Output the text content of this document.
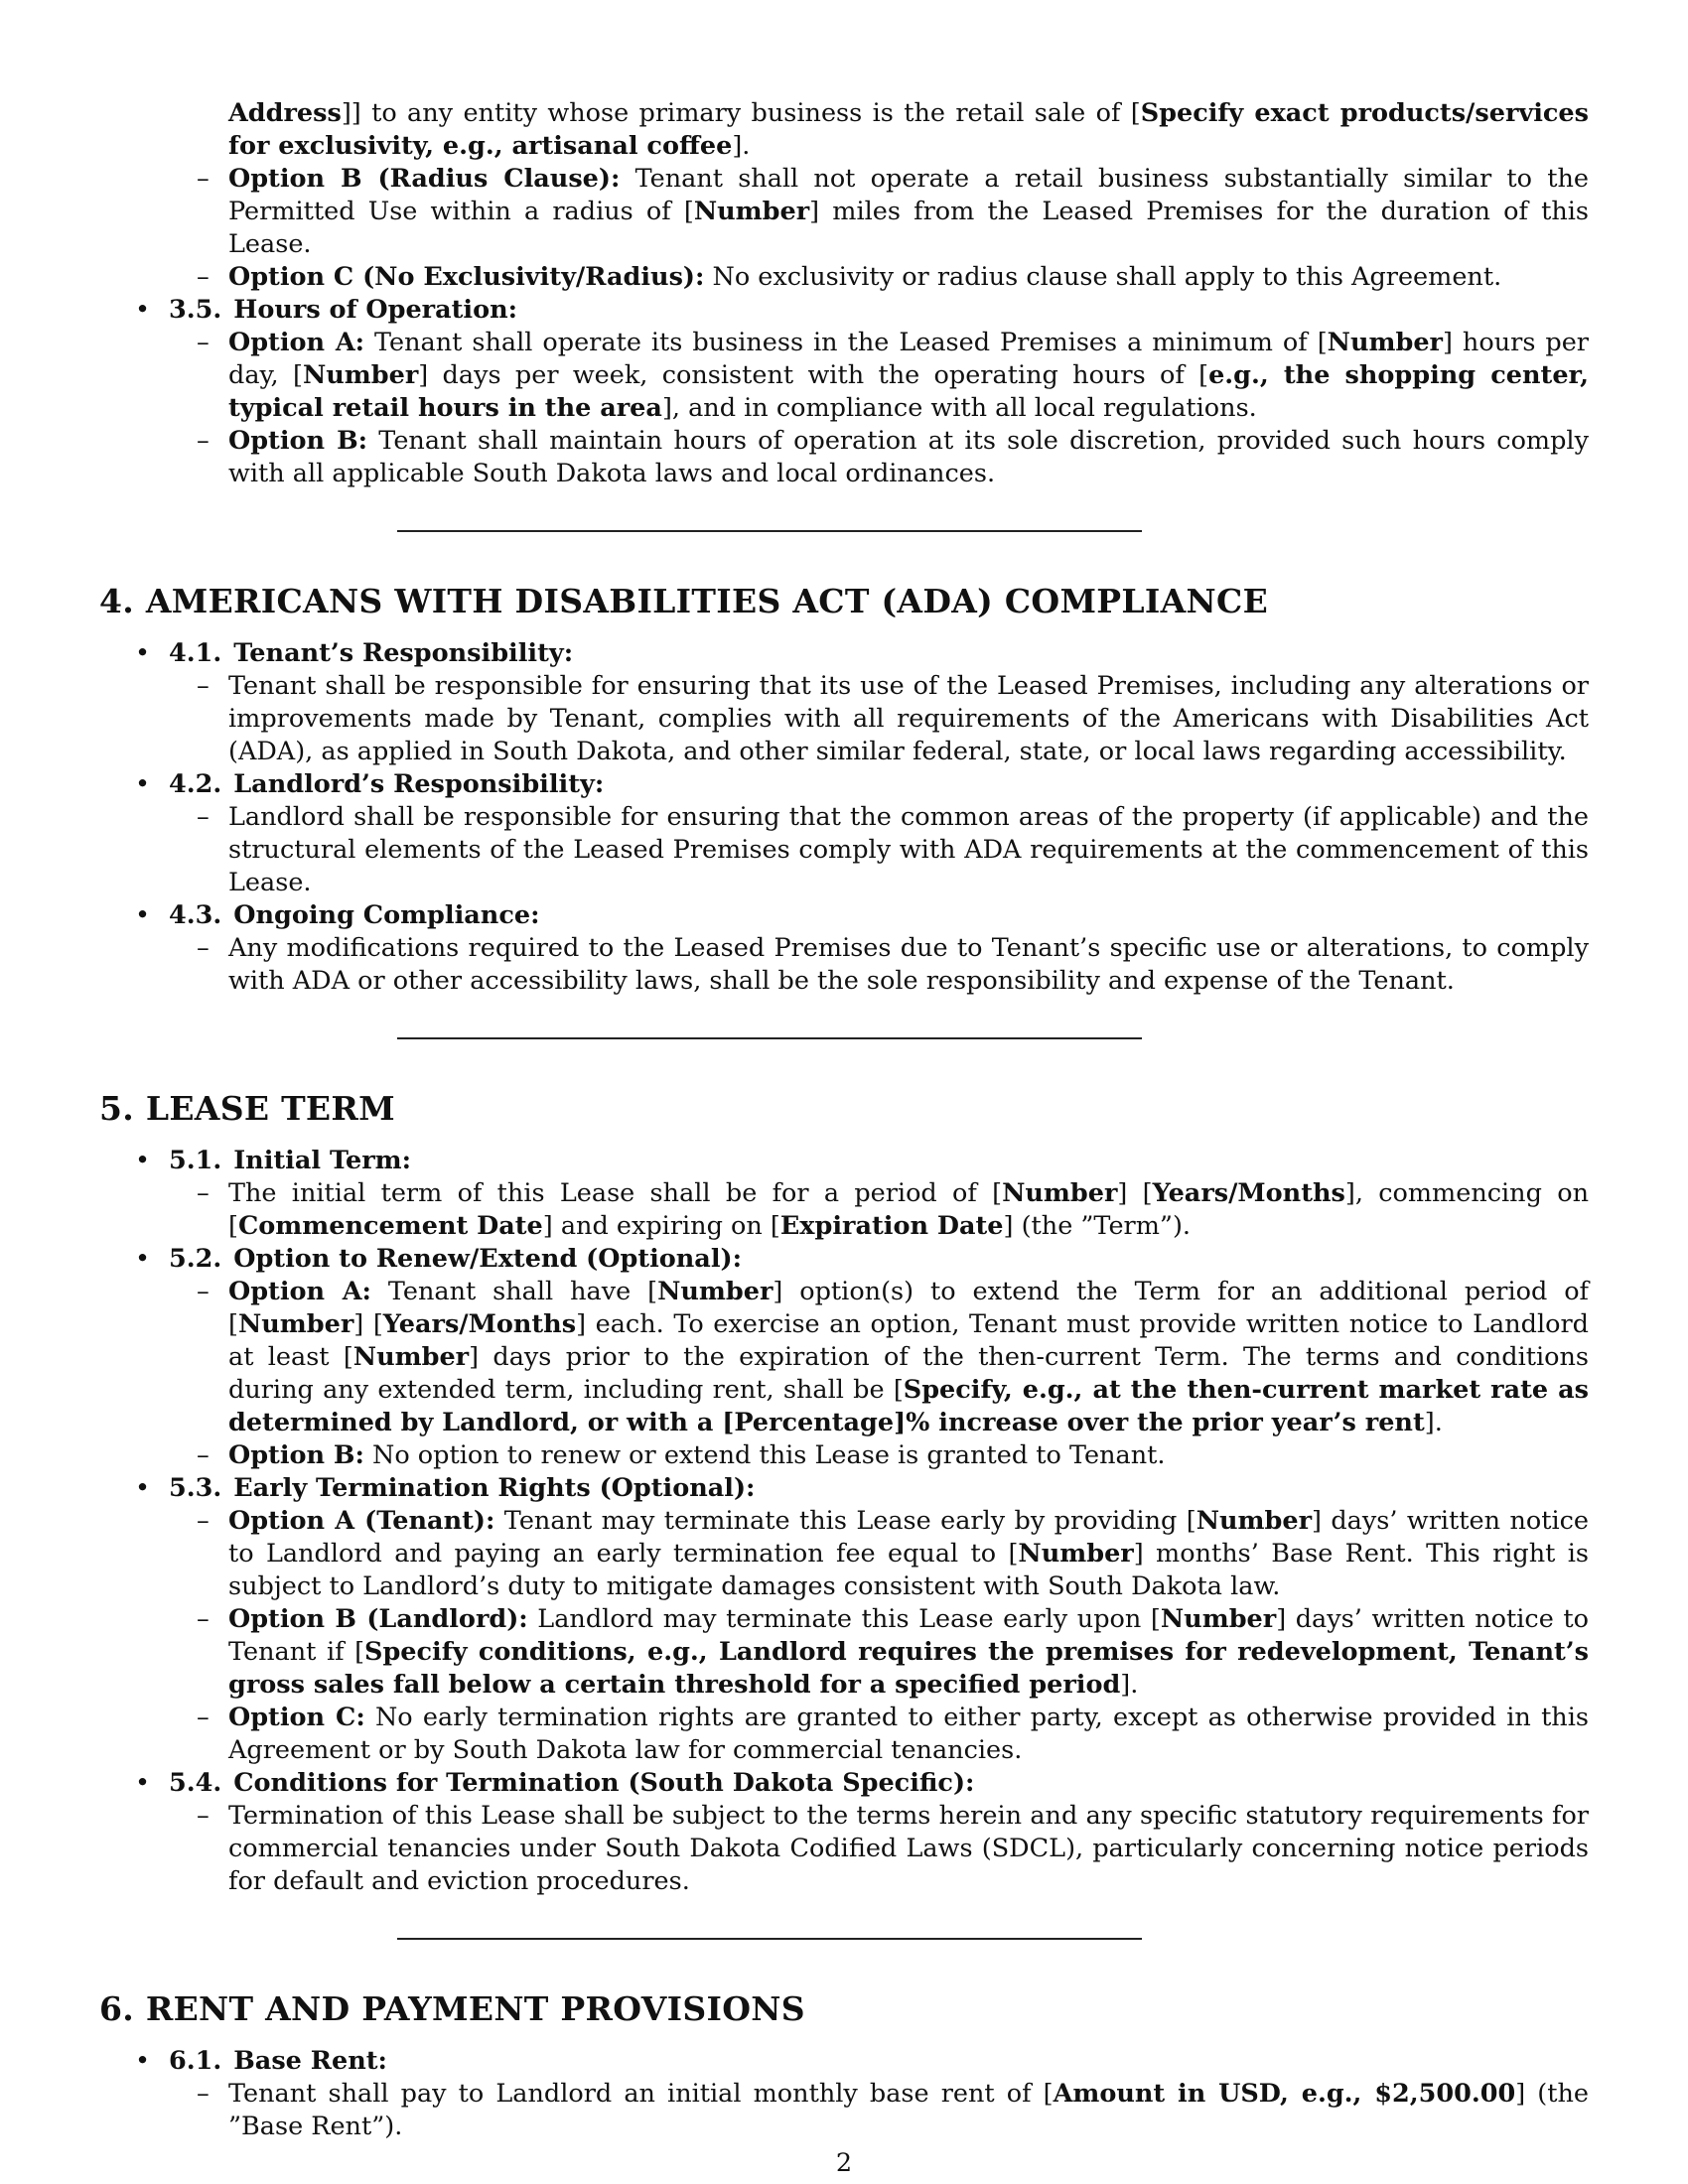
Address]] to any entity whose primary business is the retail sale of [Specify exact products/services for exclusivity, e.g., artisanal coffee].
– Option B (Radius Clause): Tenant shall not operate a retail business substantially similar to the Permitted Use within a radius of [Number] miles from the Leased Premises for the duration of this Lease.
– Option C (No Exclusivity/Radius): No exclusivity or radius clause shall apply to this Agreement.
• 3.5. Hours of Operation:
– Option A: Tenant shall operate its business in the Leased Premises a minimum of [Number] hours per day, [Number] days per week, consistent with the operating hours of [e.g., the shopping center, typical retail hours in the area], and in compliance with all local regulations.
– Option B: Tenant shall maintain hours of operation at its sole discretion, provided such hours comply with all applicable South Dakota laws and local ordinances.
4. AMERICANS WITH DISABILITIES ACT (ADA) COMPLIANCE
• 4.1. Tenant’s Responsibility:
– Tenant shall be responsible for ensuring that its use of the Leased Premises, including any alterations or improvements made by Tenant, complies with all requirements of the Americans with Disabilities Act (ADA), as applied in South Dakota, and other similar federal, state, or local laws regarding accessibility.
• 4.2. Landlord’s Responsibility:
– Landlord shall be responsible for ensuring that the common areas of the property (if applicable) and the structural elements of the Leased Premises comply with ADA requirements at the commencement of this Lease.
• 4.3. Ongoing Compliance:
– Any modifications required to the Leased Premises due to Tenant’s specific use or alterations, to comply with ADA or other accessibility laws, shall be the sole responsibility and expense of the Tenant.
5. LEASE TERM
• 5.1. Initial Term:
– The initial term of this Lease shall be for a period of [Number] [Years/Months], commencing on [Commencement Date] and expiring on [Expiration Date] (the ”Term”).
• 5.2. Option to Renew/Extend (Optional):
– Option A: Tenant shall have [Number] option(s) to extend the Term for an additional period of [Number] [Years/Months] each. To exercise an option, Tenant must provide written notice to Landlord at least [Number] days prior to the expiration of the then-current Term. The terms and conditions during any extended term, including rent, shall be [Specify, e.g., at the then-current market rate as determined by Landlord, or with a [Percentage]% increase over the prior year’s rent].
– Option B: No option to renew or extend this Lease is granted to Tenant.
• 5.3. Early Termination Rights (Optional):
– Option A (Tenant): Tenant may terminate this Lease early by providing [Number] days’ written notice to Landlord and paying an early termination fee equal to [Number] months’ Base Rent. This right is subject to Landlord’s duty to mitigate damages consistent with South Dakota law.
– Option B (Landlord): Landlord may terminate this Lease early upon [Number] days’ written notice to Tenant if [Specify conditions, e.g., Landlord requires the premises for redevelopment, Tenant’s gross sales fall below a certain threshold for a specified period].
– Option C: No early termination rights are granted to either party, except as otherwise provided in this Agreement or by South Dakota law for commercial tenancies.
• 5.4. Conditions for Termination (South Dakota Specific):
– Termination of this Lease shall be subject to the terms herein and any specific statutory requirements for commercial tenancies under South Dakota Codified Laws (SDCL), particularly concerning notice periods for default and eviction procedures.
6. RENT AND PAYMENT PROVISIONS
• 6.1. Base Rent:
– Tenant shall pay to Landlord an initial monthly base rent of [Amount in USD, e.g., $2,500.00] (the ”Base Rent”).
2
